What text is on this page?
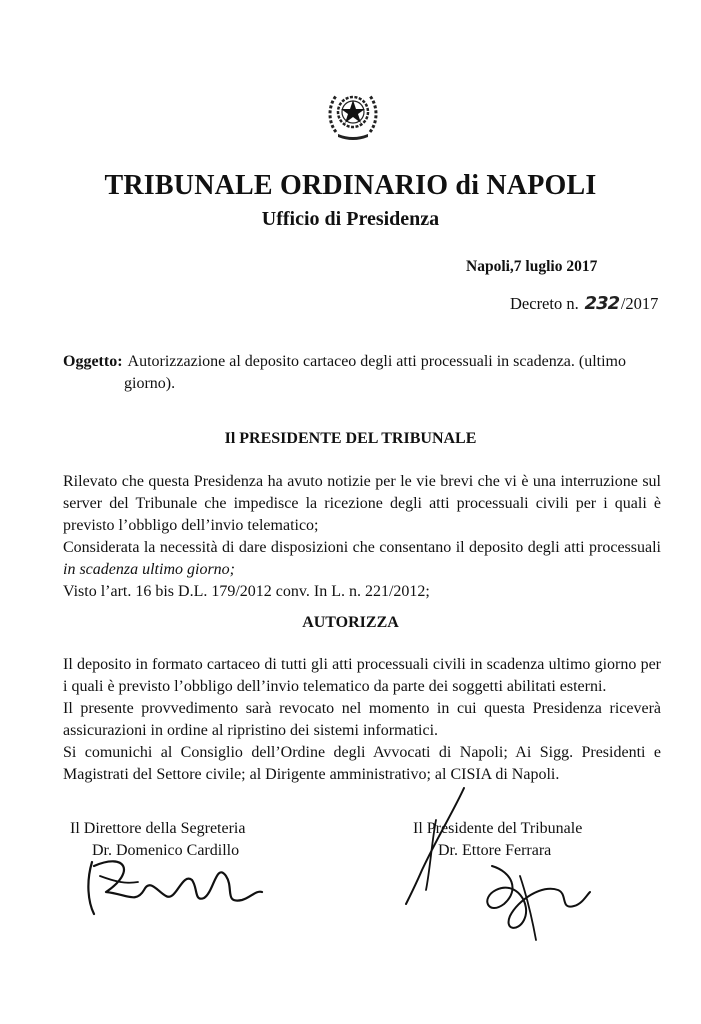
TRIBUNALE ORDINARIO di NAPOLI
Ufficio di Presidenza
Napoli,7 luglio 2017
Decreto n. 232 /2017
Oggetto: Autorizzazione al deposito cartaceo degli atti processuali in scadenza. (ultimo giorno).
Il PRESIDENTE DEL TRIBUNALE

Rilevato che questa Presidenza ha avuto notizie per le vie brevi che vi è una interruzione sul server del Tribunale che impedisce la ricezione degli atti processuali civili per i quali è previsto l’obbligo dell’invio telematico;

Considerata la necessità di dare disposizioni che consentano il deposito degli atti processuali in scadenza ultimo giorno;

Visto l’art. 16 bis D.L. 179/2012 conv. In L. n. 221/2012;

AUTORIZZA

Il deposito in formato cartaceo di tutti gli atti processuali civili in scadenza ultimo giorno per i quali è previsto l’obbligo dell’invio telematico da parte dei soggetti abilitati esterni.

Il presente provvedimento sarà revocato nel momento in cui questa Presidenza riceverà assicurazioni in ordine al ripristino dei sistemi informatici.

Si comunichi al Consiglio dell’Ordine degli Avvocati di Napoli; Ai Sigg. Presidenti e Magistrati del Settore civile; al Dirigente amministrativo; al CISIA di Napoli.

Il Direttore della Segreteria
Dr. Domenico Cardillo
Il Presidente del Tribunale
Dr. Ettore Ferrara
